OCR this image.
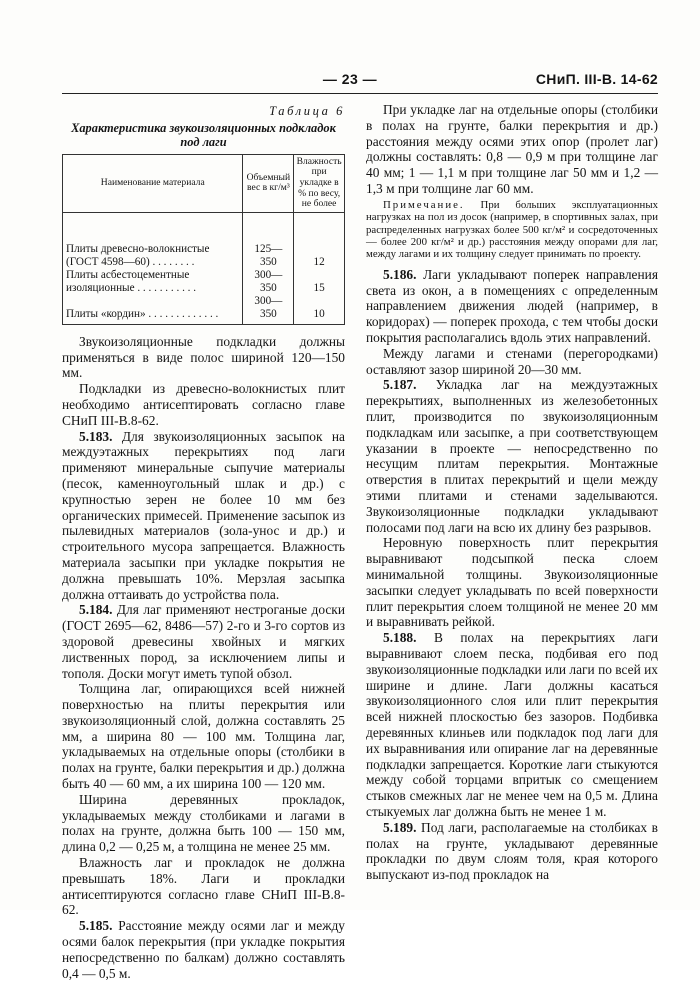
— 23 —	СНиП. III-В. 14-62
Таблица 6
Характеристика звукоизоляционных подкладок под лаги
Наименование материала	Объемный вес в кг/м³	Влажность при укладке в % по весу, не более
Плиты древесно-волокнистые (ГОСТ 4598—60) . . . . . . . .	125—350	12
Плиты асбестоцементные изоляционные . . . . . . . . . . .	300—350	15
Плиты «кордин» . . . . . . . . . . . . .	300—350	10

Звукоизоляционные подкладки должны применяться в виде полос шириной 120—150 мм.

Подкладки из древесно-волокнистых плит необходимо антисептировать согласно главе СНиП III-В.8-62.

5.183. Для звукоизоляционных засыпок на междуэтажных перекрытиях под лаги применяют минеральные сыпучие материалы (песок, каменноугольный шлак и др.) с крупностью зерен не более 10 мм без органических примесей. Применение засыпок из пылевидных материалов (зола-унос и др.) и строительного мусора запрещается. Влажность материала засыпки при укладке покрытия не должна превышать 10%. Мерзлая засыпка должна оттаивать до устройства пола.

5.184. Для лаг применяют нестроганые доски (ГОСТ 2695—62, 8486—57) 2-го и 3-го сортов из здоровой древесины хвойных и мягких лиственных пород, за исключением липы и тополя. Доски могут иметь тупой обзол.

Толщина лаг, опирающихся всей нижней поверхностью на плиты перекрытия или звукоизоляционный слой, должна составлять 25 мм, а ширина 80 — 100 мм. Толщина лаг, укладываемых на отдельные опоры (столбики в полах на грунте, балки перекрытия и др.) должна быть 40 — 60 мм, а их ширина 100 — 120 мм.

Ширина деревянных прокладок, укладываемых между столбиками и лагами в полах на грунте, должна быть 100 — 150 мм, длина 0,2 — 0,25 м, а толщина не менее 25 мм.

Влажность лаг и прокладок не должна превышать 18%. Лаги и прокладки антисептируются согласно главе СНиП III-В.8-62.

5.185. Расстояние между осями лаг и между осями балок перекрытия (при укладке покрытия непосредственно по балкам) должно составлять 0,4 — 0,5 м.

При укладке лаг на отдельные опоры (столбики в полах на грунте, балки перекрытия и др.) расстояния между осями этих опор (пролет лаг) должны составлять: 0,8 — 0,9 м при толщине лаг 40 мм; 1 — 1,1 м при толщине лаг 50 мм и 1,2 — 1,3 м при толщине лаг 60 мм.

Примечание. При больших эксплуатационных нагрузках на пол из досок (например, в спортивных залах, при распределенных нагрузках более 500 кг/м² и сосредоточенных — более 200 кг/м² и др.) расстояния между опорами для лаг, между лагами и их толщину следует принимать по проекту.

5.186. Лаги укладывают поперек направления света из окон, а в помещениях с определенным направлением движения людей (например, в коридорах) — поперек прохода, с тем чтобы доски покрытия располагались вдоль этих направлений.

Между лагами и стенами (перегородками) оставляют зазор шириной 20—30 мм.

5.187. Укладка лаг на междуэтажных перекрытиях, выполненных из железобетонных плит, производится по звукоизоляционным подкладкам или засыпке, а при соответствующем указании в проекте — непосредственно по несущим плитам перекрытия. Монтажные отверстия в плитах перекрытий и щели между этими плитами и стенами заделываются. Звукоизоляционные подкладки укладывают полосами под лаги на всю их длину без разрывов.

Неровную поверхность плит перекрытия выравнивают подсыпкой песка слоем минимальной толщины. Звукоизоляционные засыпки следует укладывать по всей поверхности плит перекрытия слоем толщиной не менее 20 мм и выравнивать рейкой.

5.188. В полах на перекрытиях лаги выравнивают слоем песка, подбивая его под звукоизоляционные подкладки или лаги по всей их ширине и длине. Лаги должны касаться звукоизоляционного слоя или плит перекрытия всей нижней плоскостью без зазоров. Подбивка деревянных клиньев или подкладок под лаги для их выравнивания или опирание лаг на деревянные подкладки запрещается. Короткие лаги стыкуются между собой торцами впритык со смещением стыков смежных лаг не менее чем на 0,5 м. Длина стыкуемых лаг должна быть не менее 1 м.

5.189. Под лаги, располагаемые на столбиках в полах на грунте, укладывают деревянные прокладки по двум слоям толя, края которого выпускают из-под прокладок на
